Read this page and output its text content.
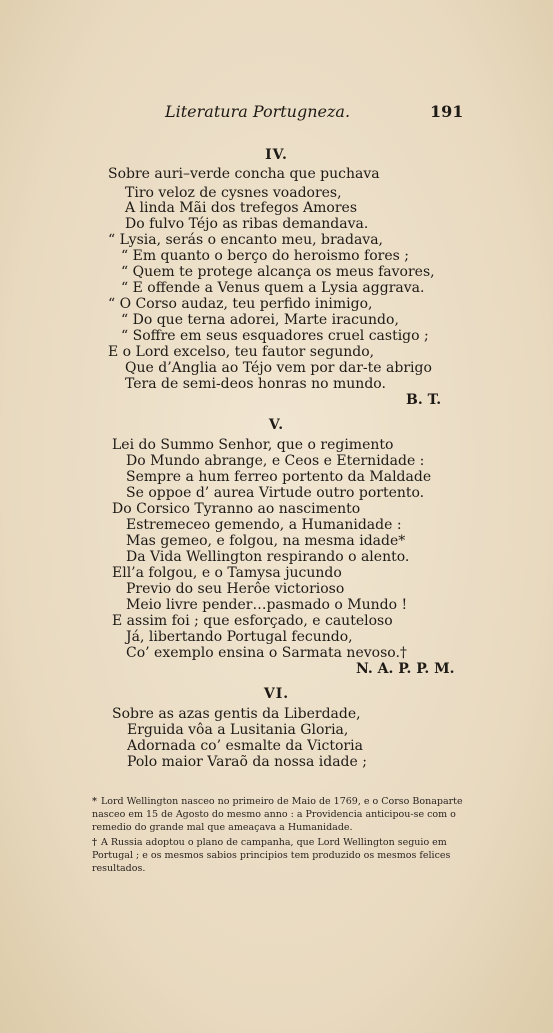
Literatura Portugneza.	191
IV.
Sobre auri–verde concha que puchava
Tiro veloz de cysnes voadores,
A linda Mãi dos trefegos Amores
Do fulvo Téjo as ribas demandava.
“ Lysia, serás o encanto meu, bradava,
“ Em quanto o berço do heroismo fores ;
“ Quem te protege alcança os meus favores,
“ E offende a Venus quem a Lysia aggrava.
“ O Corso audaz, teu perfido inimigo,
“ Do que terna adorei, Marte iracundo,
“ Soffre em seus esquadores cruel castigo ;
E o Lord excelso, teu fautor segundo,
Que d’Anglia ao Téjo vem por dar-te abrigo
Tera de semi-deos honras no mundo.
B. T.
V.
Lei do Summo Senhor, que o regimento
Do Mundo abrange, e Ceos e Eternidade :
Sempre a hum ferreo portento da Maldade
Se oppoe d’ aurea Virtude outro portento.
Do Corsico Tyranno ao nascimento
Estremeceo gemendo, a Humanidade :
Mas gemeo, e folgou, na mesma idade*
Da Vida Wellington respirando o alento.
Ell’a folgou, e o Tamysa jucundo
Previo do seu Herôe victorioso
Meio livre pender…pasmado o Mundo !
E assim foi ; que esforçado, e cauteloso
Já, libertando Portugal fecundo,
Co’ exemplo ensina o Sarmata nevoso.†
N. A. P. P. M.
VI.
Sobre as azas gentis da Liberdade,
Erguida vôa a Lusitania Gloria,
Adornada co’ esmalte da Victoria
Polo maior Varaõ da nossa idade ;
* Lord Wellington nasceo no primeiro de Maio de 1769, e o Corso Bonaparte nasceo em 15 de Agosto do mesmo anno : a Providencia anticipou-se com o remedio do grande mal que ameaçava a Humanidade.
† A Russia adoptou o plano de campanha, que Lord Wellington seguio em Portugal ; e os mesmos sabios principios tem produzido os mesmos felices resultados.
